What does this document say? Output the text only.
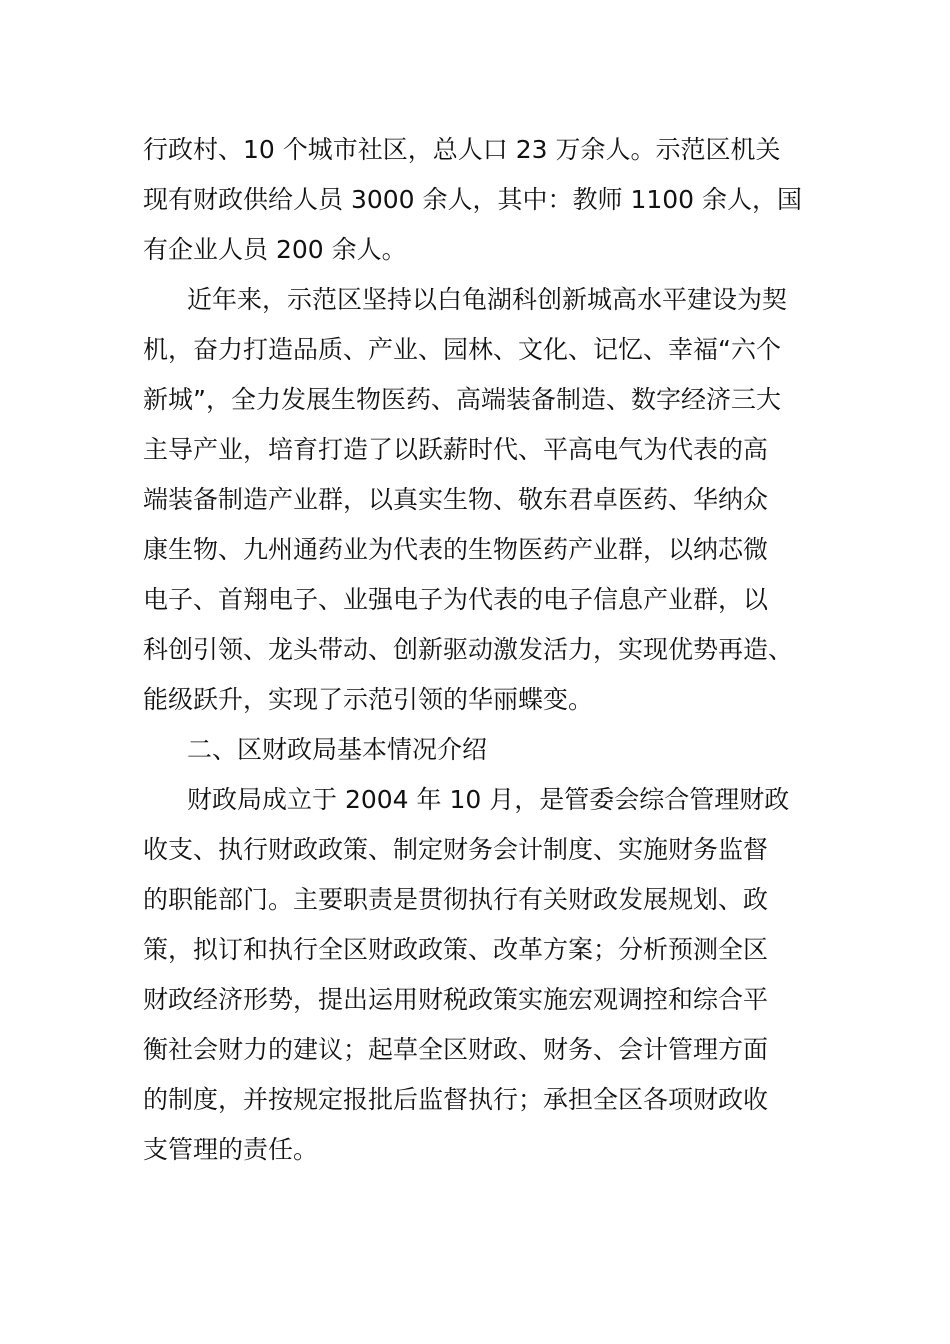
行政村、10 个城市社区，总人口 23 万余人。示范区机关
现有财政供给人员 3000 余人，其中：教师 1100 余人，国
有企业人员 200 余人。
近年来，示范区坚持以白龟湖科创新城高水平建设为契
机，奋力打造品质、产业、园林、文化、记忆、幸福“六个
新城”，全力发展生物医药、高端装备制造、数字经济三大
主导产业，培育打造了以跃薪时代、平高电气为代表的高
端装备制造产业群，以真实生物、敬东君卓医药、华纳众
康生物、九州通药业为代表的生物医药产业群，以纳芯微
电子、首翔电子、业强电子为代表的电子信息产业群，以
科创引领、龙头带动、创新驱动激发活力，实现优势再造、
能级跃升，实现了示范引领的华丽蝶变。
二、区财政局基本情况介绍
财政局成立于 2004 年 10 月，是管委会综合管理财政
收支、执行财政政策、制定财务会计制度、实施财务监督
的职能部门。主要职责是贯彻执行有关财政发展规划、政
策，拟订和执行全区财政政策、改革方案；分析预测全区
财政经济形势，提出运用财税政策实施宏观调控和综合平
衡社会财力的建议；起草全区财政、财务、会计管理方面
的制度，并按规定报批后监督执行；承担全区各项财政收
支管理的责任。
